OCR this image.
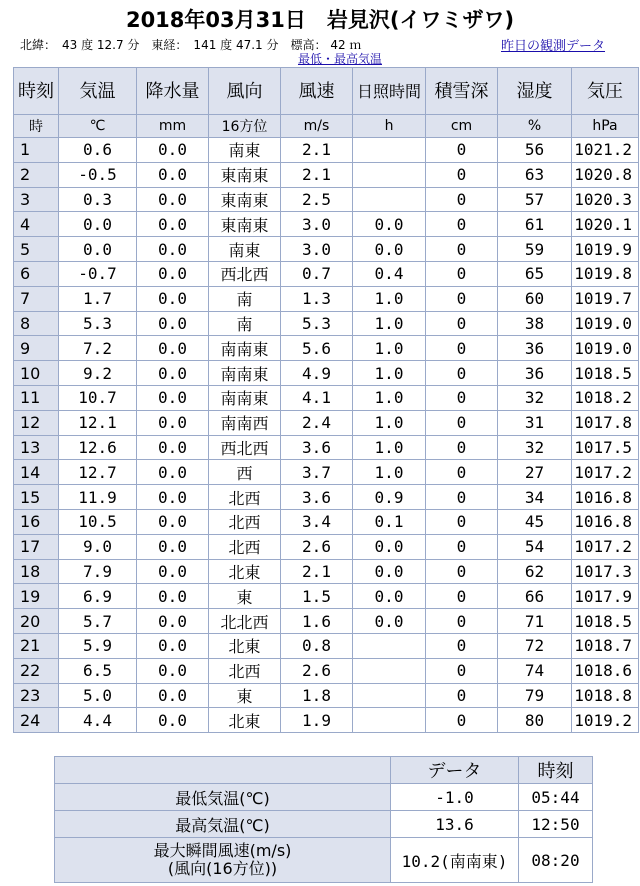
2018年03月31日　岩見沢(イワミザワ)
北緯：　43 度 12.7 分　東経：　141 度 47.1 分　標高： 42 ｍ	昨日の観測データ
最低・最高気温
時刻	気温	降水量	風向	風速	日照時間	積雪深	湿度	気圧
時	℃	mm	16方位	m/s	h	cm	%	hPa
1	0.6	0.0	南東	2.1		0	56	1021.2
2	-0.5	0.0	東南東	2.1		0	63	1020.8
3	0.3	0.0	東南東	2.5		0	57	1020.3
4	0.0	0.0	東南東	3.0	0.0	0	61	1020.1
5	0.0	0.0	南東	3.0	0.0	0	59	1019.9
6	-0.7	0.0	西北西	0.7	0.4	0	65	1019.8
7	1.7	0.0	南	1.3	1.0	0	60	1019.7
8	5.3	0.0	南	5.3	1.0	0	38	1019.0
9	7.2	0.0	南南東	5.6	1.0	0	36	1019.0
10	9.2	0.0	南南東	4.9	1.0	0	36	1018.5
11	10.7	0.0	南南東	4.1	1.0	0	32	1018.2
12	12.1	0.0	南南西	2.4	1.0	0	31	1017.8
13	12.6	0.0	西北西	3.6	1.0	0	32	1017.5
14	12.7	0.0	西	3.7	1.0	0	27	1017.2
15	11.9	0.0	北西	3.6	0.9	0	34	1016.8
16	10.5	0.0	北西	3.4	0.1	0	45	1016.8
17	9.0	0.0	北西	2.6	0.0	0	54	1017.2
18	7.9	0.0	北東	2.1	0.0	0	62	1017.3
19	6.9	0.0	東	1.5	0.0	0	66	1017.9
20	5.7	0.0	北北西	1.6	0.0	0	71	1018.5
21	5.9	0.0	北東	0.8		0	72	1018.7
22	6.5	0.0	北西	2.6		0	74	1018.6
23	5.0	0.0	東	1.8		0	79	1018.8
24	4.4	0.0	北東	1.9		0	80	1019.2
	データ	時刻
最低気温(℃)	-1.0	05:44
最高気温(℃)	13.6	12:50

最大瞬間風速(m/s)
(風向(16方位))	10.2(南南東)	08:20
